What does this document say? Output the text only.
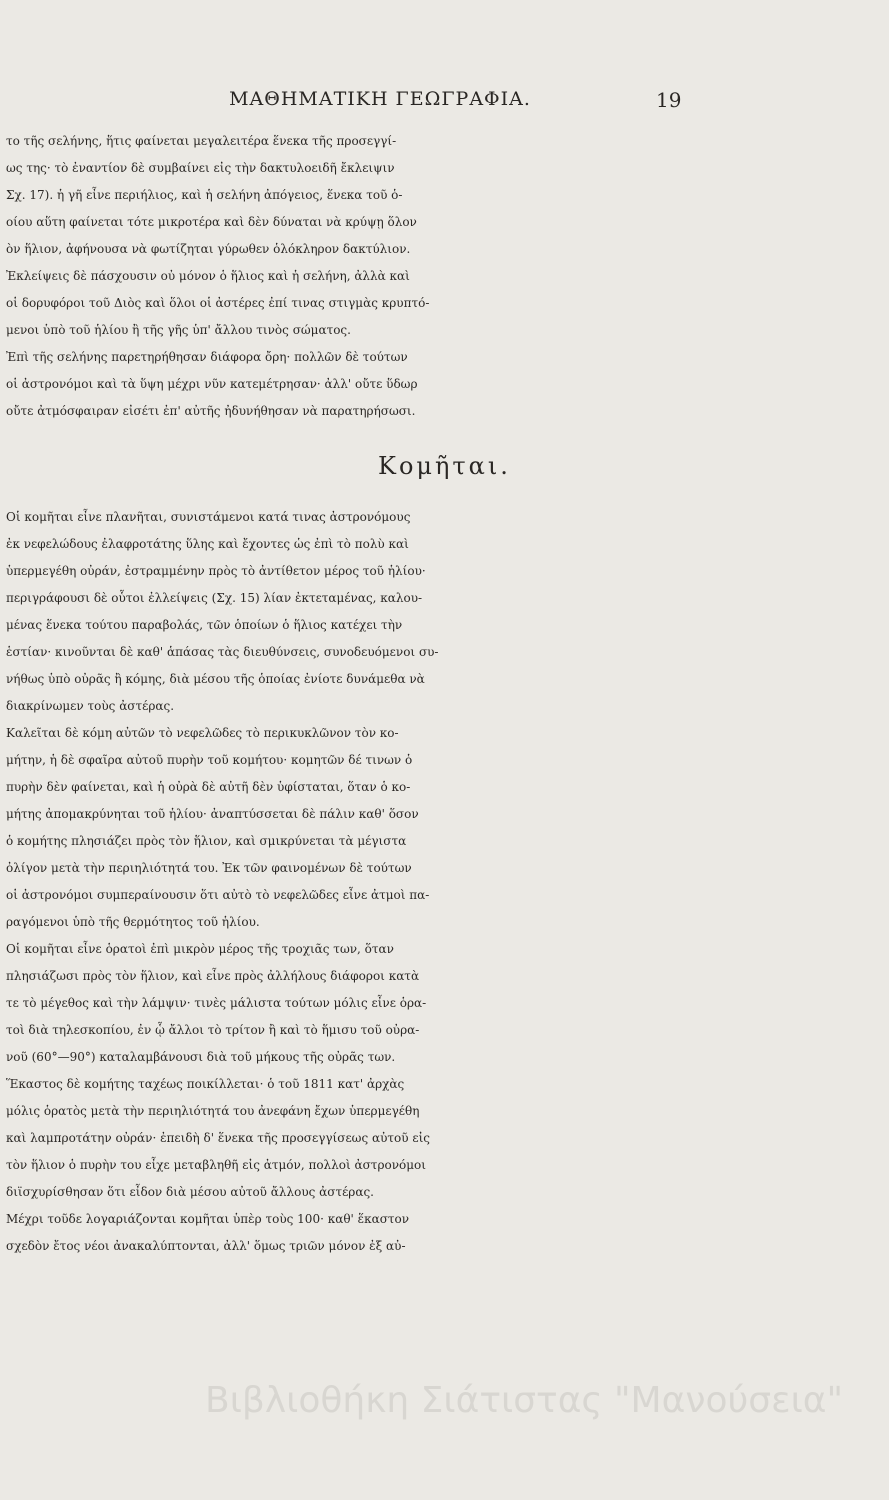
ΜΑΘΗΜΑΤΙΚΗ ΓΕΩΓΡΑΦΙΑ.	19
το τῆς σελήνης, ἥτις φαίνεται μεγαλειτέρα ἕνεκα τῆς προσεγγί-
ως της· τὸ ἐναντίον δὲ συμβαίνει εἰς τὴν δακτυλοειδῆ ἔκλειψιν
Σχ. 17). ἡ γῆ εἶνε περιήλιος, καὶ ἡ σελήνη ἀπόγειος, ἕνεκα τοῦ ὁ-
οίου αὕτη φαίνεται τότε μικροτέρα καὶ δὲν δύναται νὰ κρύψῃ ὅλον
ὸν ἥλιον, ἀφήνουσα νὰ φωτίζηται γύρωθεν ὁλόκληρον δακτύλιον.
Ἐκλείψεις δὲ πάσχουσιν οὐ μόνον ὁ ἥλιος καὶ ἡ σελήνη, ἀλλὰ καὶ
οἱ δορυφόροι τοῦ Διὸς καὶ ὅλοι οἱ ἀστέρες ἐπί τινας στιγμὰς κρυπτό-
μενοι ὑπὸ τοῦ ἡλίου ἢ τῆς γῆς ὑπ' ἄλλου τινὸς σώματος.
Ἐπὶ τῆς σελήνης παρετηρήθησαν διάφορα ὄρη· πολλῶν δὲ τούτων
οἱ ἀστρονόμοι καὶ τὰ ὕψη μέχρι νῦν κατεμέτρησαν· ἀλλ' οὔτε ὕδωρ
οὔτε ἀτμόσφαιραν εἰσέτι ἐπ' αὐτῆς ἠδυνήθησαν νὰ παρατηρήσωσι.
Κομῆται.
Οἱ κομῆται εἶνε πλανῆται, συνιστάμενοι κατά τινας ἀστρονόμους
ἐκ νεφελώδους ἐλαφροτάτης ὕλης καὶ ἔχοντες ὡς ἐπὶ τὸ πολὺ καὶ
ὑπερμεγέθη οὐράν, ἐστραμμένην πρὸς τὸ ἀντίθετον μέρος τοῦ ἡλίου·
περιγράφουσι δὲ οὗτοι ἐλλείψεις (Σχ. 15) λίαν ἐκτεταμένας, καλου-
μένας ἕνεκα τούτου παραβολάς, τῶν ὁποίων ὁ ἥλιος κατέχει τὴν
ἑστίαν· κινοῦνται δὲ καθ' ἁπάσας τὰς διευθύνσεις, συνοδευόμενοι συ-
νήθως ὑπὸ οὐρᾶς ἢ κόμης, διὰ μέσου τῆς ὁποίας ἐνίοτε δυνάμεθα νὰ
διακρίνωμεν τοὺς ἀστέρας.
Καλεῖται δὲ κόμη αὐτῶν τὸ νεφελῶδες τὸ περικυκλῶνον τὸν κο-
μήτην, ἡ δὲ σφαῖρα αὐτοῦ πυρὴν τοῦ κομήτου· κομητῶν δέ τινων ὁ
πυρὴν δὲν φαίνεται, καὶ ἡ οὐρὰ δὲ αὐτῆ δὲν ὑφίσταται, ὅταν ὁ κο-
μήτης ἀπομακρύνηται τοῦ ἡλίου· ἀναπτύσσεται δὲ πάλιν καθ' ὅσον
ὁ κομήτης πλησιάζει πρὸς τὸν ἥλιον, καὶ σμικρύνεται τὰ μέγιστα
ὀλίγον μετὰ τὴν περιηλιότητά του. Ἐκ τῶν φαινομένων δὲ τούτων
οἱ ἀστρονόμοι συμπεραίνουσιν ὅτι αὐτὸ τὸ νεφελῶδες εἶνε ἀτμοὶ πα-
ραγόμενοι ὑπὸ τῆς θερμότητος τοῦ ἡλίου.
Οἱ κομῆται εἶνε ὁρατοὶ ἐπὶ μικρὸν μέρος τῆς τροχιᾶς των, ὅταν
πλησιάζωσι πρὸς τὸν ἥλιον, καὶ εἶνε πρὸς ἀλλήλους διάφοροι κατὰ
τε τὸ μέγεθος καὶ τὴν λάμψιν· τινὲς μάλιστα τούτων μόλις εἶνε ὁρα-
τοὶ διὰ τηλεσκοπίου, ἐν ᾧ ἄλλοι τὸ τρίτον ἢ καὶ τὸ ἥμισυ τοῦ οὐρα-
νοῦ (60°—90°) καταλαμβάνουσι διὰ τοῦ μήκους τῆς οὐρᾶς των.
Ἕκαστος δὲ κομήτης ταχέως ποικίλλεται· ὁ τοῦ 1811 κατ' ἀρχὰς
μόλις ὁρατὸς μετὰ τὴν περιηλιότητά του ἀνεφάνη ἔχων ὑπερμεγέθη
καὶ λαμπροτάτην οὐράν· ἐπειδὴ δ' ἕνεκα τῆς προσεγγίσεως αὐτοῦ εἰς
τὸν ἥλιον ὁ πυρὴν του εἶχε μεταβληθῆ εἰς ἀτμόν, πολλοὶ ἀστρονόμοι
διϊσχυρίσθησαν ὅτι εἶδον διὰ μέσου αὐτοῦ ἄλλους ἀστέρας.
Μέχρι τοῦδε λογαριάζονται κομῆται ὑπὲρ τοὺς 100· καθ' ἕκαστον
σχεδὸν ἔτος νέοι ἀνακαλύπτονται, ἀλλ' ὅμως τριῶν μόνον ἐξ αὐ-
Βιβλιοθήκη Σιάτιστας "Μανούσεια"
